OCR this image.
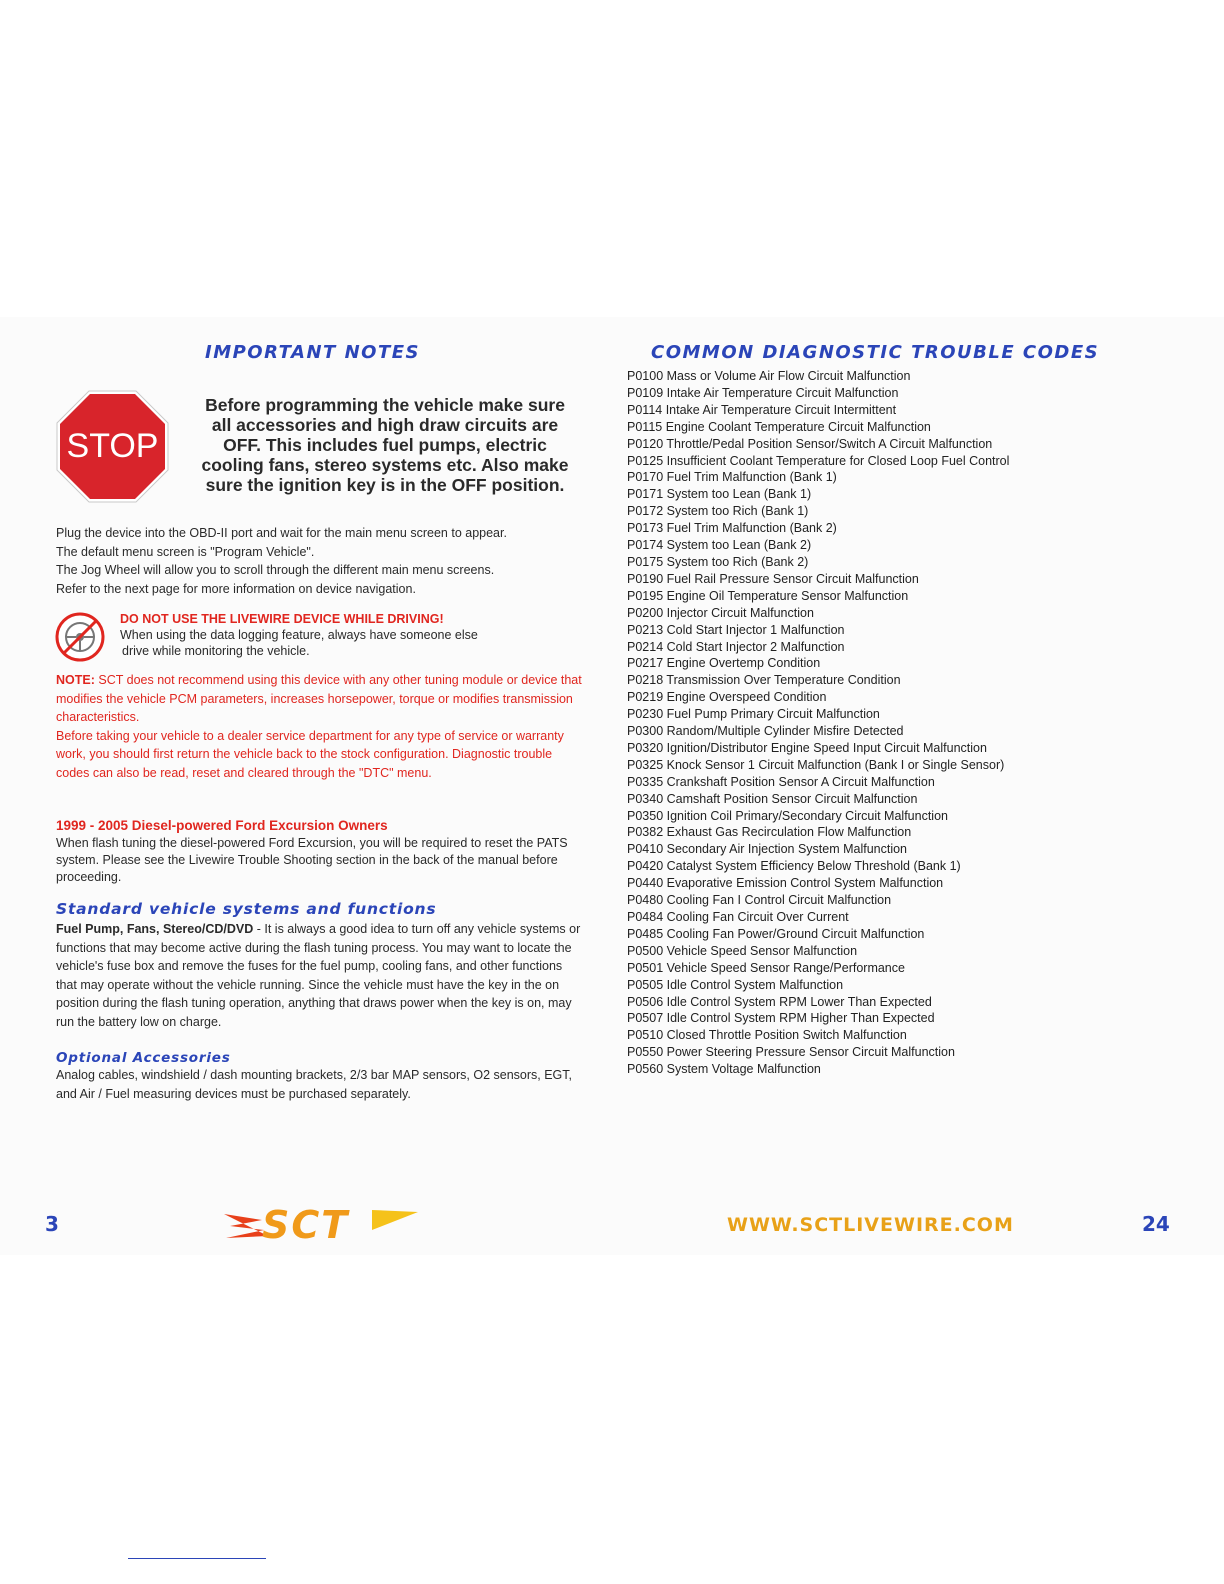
IMPORTANT NOTES
STOP
Before programming the vehicle make sure all accessories and high draw circuits are OFF. This includes fuel pumps, electric cooling fans, stereo systems etc. Also make sure the ignition key is in the OFF position.
Plug the device into the OBD-II port and wait for the main menu screen to appear.
The default menu screen is "Program Vehicle".
The Jog Wheel will allow you to scroll through the different main menu screens.
Refer to the next page for more information on device navigation.
DO NOT USE THE LIVEWIRE DEVICE WHILE DRIVING!
When using the data logging feature, always have someone else
drive while monitoring the vehicle.
NOTE: SCT does not recommend using this device with any other tuning module or device that modifies the vehicle PCM parameters, increases horsepower, torque or modifies transmission characteristics.
Before taking your vehicle to a dealer service department for any type of service or warranty work, you should first return the vehicle back to the stock configuration. Diagnostic trouble codes can also be read, reset and cleared through the "DTC" menu.
1999 - 2005 Diesel-powered Ford Excursion Owners
When flash tuning the diesel-powered Ford Excursion, you will be required to reset the PATS system. Please see the Livewire Trouble Shooting section in the back of the manual before proceeding.
Standard vehicle systems and functions
Fuel Pump, Fans, Stereo/CD/DVD - It is always a good idea to turn off any vehicle systems or functions that may become active during the flash tuning process. You may want to locate the vehicle's fuse box and remove the fuses for the fuel pump, cooling fans, and other functions that may operate without the vehicle running. Since the vehicle must have the key in the on position during the flash tuning operation, anything that draws power when the key is on, may run the battery low on charge.
Optional Accessories
Analog cables, windshield / dash mounting brackets, 2/3 bar MAP sensors, O2 sensors, EGT, and Air / Fuel measuring devices must be purchased separately.
COMMON DIAGNOSTIC TROUBLE CODES
P0100 Mass or Volume Air Flow Circuit Malfunction
P0109 Intake Air Temperature Circuit Malfunction
P0114 Intake Air Temperature Circuit Intermittent
P0115 Engine Coolant Temperature Circuit Malfunction
P0120 Throttle/Pedal Position Sensor/Switch A Circuit Malfunction
P0125 Insufficient Coolant Temperature for Closed Loop Fuel Control
P0170 Fuel Trim Malfunction (Bank 1)
P0171 System too Lean (Bank 1)
P0172 System too Rich (Bank 1)
P0173 Fuel Trim Malfunction (Bank 2)
P0174 System too Lean (Bank 2)
P0175 System too Rich (Bank 2)
P0190 Fuel Rail Pressure Sensor Circuit Malfunction
P0195 Engine Oil Temperature Sensor Malfunction
P0200 Injector Circuit Malfunction
P0213 Cold Start Injector 1 Malfunction
P0214 Cold Start Injector 2 Malfunction
P0217 Engine Overtemp Condition
P0218 Transmission Over Temperature Condition
P0219 Engine Overspeed Condition
P0230 Fuel Pump Primary Circuit Malfunction
P0300 Random/Multiple Cylinder Misfire Detected
P0320 Ignition/Distributor Engine Speed Input Circuit Malfunction
P0325 Knock Sensor 1 Circuit Malfunction (Bank I or Single Sensor)
P0335 Crankshaft Position Sensor A Circuit Malfunction
P0340 Camshaft Position Sensor Circuit Malfunction
P0350 Ignition Coil Primary/Secondary Circuit Malfunction
P0382 Exhaust Gas Recirculation Flow Malfunction
P0410 Secondary Air Injection System Malfunction
P0420 Catalyst System Efficiency Below Threshold (Bank 1)
P0440 Evaporative Emission Control System Malfunction
P0480 Cooling Fan I Control Circuit Malfunction
P0484 Cooling Fan Circuit Over Current
P0485 Cooling Fan Power/Ground Circuit Malfunction
P0500 Vehicle Speed Sensor Malfunction
P0501 Vehicle Speed Sensor Range/Performance
P0505 Idle Control System Malfunction
P0506 Idle Control System RPM Lower Than Expected
P0507 Idle Control System RPM Higher Than Expected
P0510 Closed Throttle Position Switch Malfunction
P0550 Power Steering Pressure Sensor Circuit Malfunction
P0560 System Voltage Malfunction
3	SCT	WWW.SCTLIVEWIRE.COM	24
